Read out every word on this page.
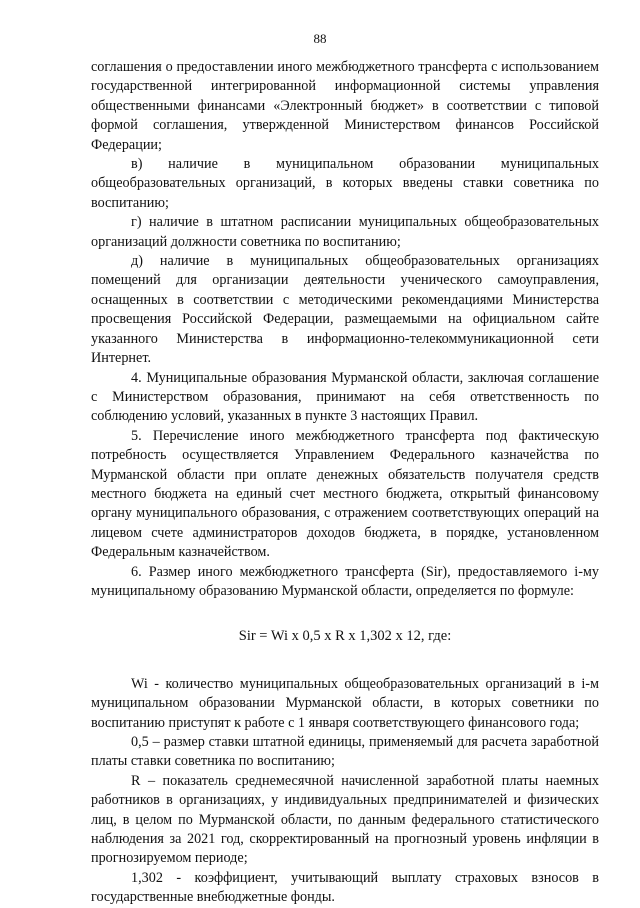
88

соглашения о предоставлении иного межбюджетного трансферта с использованием государственной интегрированной информационной системы управления общественными финансами «Электронный бюджет» в соответствии с типовой формой соглашения, утвержденной Министерством финансов Российской Федерации;

в) наличие в муниципальном образовании муниципальных общеобразовательных организаций, в которых введены ставки советника по воспитанию;

г) наличие в штатном расписании муниципальных общеобразовательных организаций должности советника по воспитанию;

д) наличие в муниципальных общеобразовательных организациях помещений для организации деятельности ученического самоуправления, оснащенных в соответствии с методическими рекомендациями Министерства просвещения Российской Федерации, размещаемыми на официальном сайте указанного Министерства в информационно-телекоммуникационной сети Интернет.

4. Муниципальные образования Мурманской области, заключая соглашение с Министерством образования, принимают на себя ответственность по соблюдению условий, указанных в пункте 3 настоящих Правил.

5. Перечисление иного межбюджетного трансферта под фактическую потребность осуществляется Управлением Федерального казначейства по Мурманской области при оплате денежных обязательств получателя средств местного бюджета на единый счет местного бюджета, открытый финансовому органу муниципального образования, с отражением соответствующих операций на лицевом счете администраторов доходов бюджета, в порядке, установленном Федеральным казначейством.

6. Размер иного межбюджетного трансферта (Sir), предоставляемого i-му муниципальному образованию Мурманской области, определяется по формуле:

Sir = Wi x 0,5 x R x 1,302 x 12, где:

Wi - количество муниципальных общеобразовательных организаций в i-м муниципальном образовании Мурманской области, в которых советники по воспитанию приступят к работе с 1 января соответствующего финансового года;

0,5 – размер ставки штатной единицы, применяемый для расчета заработной платы ставки советника по воспитанию;

R – показатель среднемесячной начисленной заработной платы наемных работников в организациях, у индивидуальных предпринимателей и физических лиц, в целом по Мурманской области, по данным федерального статистического наблюдения за 2021 год, скорректированный на прогнозный уровень инфляции в прогнозируемом периоде;

1,302 - коэффициент, учитывающий выплату страховых взносов в государственные внебюджетные фонды.
